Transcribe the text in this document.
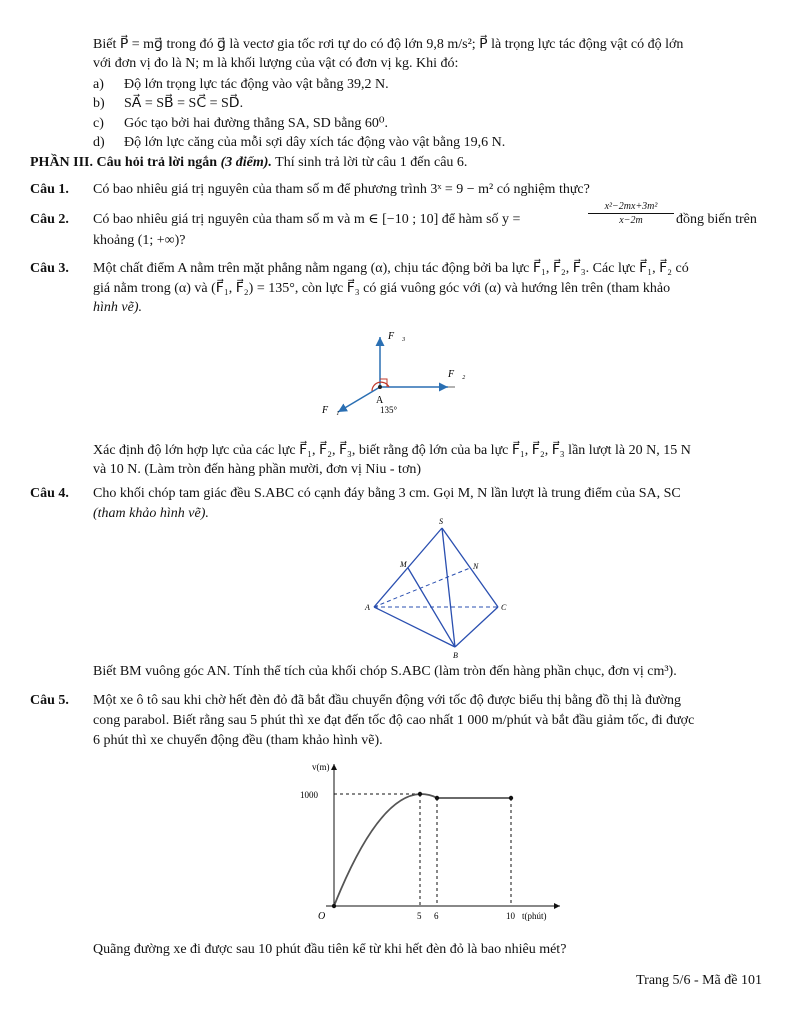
Biết P⃗ = mg⃗ trong đó g⃗ là vectơ gia tốc rơi tự do có độ lớn 9,8 m/s²; P⃗ là trọng lực tác động vật có độ lớn
với đơn vị đo là N; m là khối lượng của vật có đơn vị kg. Khi đó:
a) Độ lớn trọng lực tác động vào vật bằng 39,2 N.
b) SA⃗ = SB⃗ = SC⃗ = SD⃗.
c) Góc tạo bởi hai đường thẳng SA, SD bằng 60⁰.
d) Độ lớn lực căng của mỗi sợi dây xích tác động vào vật bằng 19,6 N.
PHẦN III. Câu hỏi trả lời ngắn (3 điểm). Thí sinh trả lời từ câu 1 đến câu 6.
Câu 1. Có bao nhiêu giá trị nguyên của tham số m để phương trình 3ˣ = 9 − m² có nghiệm thực?
Câu 2. Có bao nhiêu giá trị nguyên của tham số m và m ∈ [−10 ; 10] để hàm số y =	$\frac{\text{x²−2mx+3m²}}{x-2m}$ đồng biến trên
khoảng (1; +∞)?
Câu 3. Một chất điểm A nằm trên mặt phẳng nằm ngang (α), chịu tác động bởi ba lực F⃗₁, F⃗₂, F⃗₃. Các lực F⃗₁, F⃗₂ có
giá nằm trong (α) và (F⃗₁, F⃗₂) = 135°, còn lực F⃗₃ có giá vuông góc với (α) và hướng lên trên (tham khảo
hình vẽ).
F⃗₃
F⃗₂
F⃗₁
A
135°
Xác định độ lớn hợp lực của các lực F⃗₁, F⃗₂, F⃗₃, biết rằng độ lớn của ba lực F⃗₁, F⃗₂, F⃗₃ lần lượt là 20 N, 15 N
và 10 N. (Làm tròn đến hàng phần mười, đơn vị Niu - tơn)
Câu 4. Cho khối chóp tam giác đều S.ABC có cạnh đáy bằng 3 cm. Gọi M, N lần lượt là trung điểm của SA, SC
(tham khảo hình vẽ).
S
M	N
A	C
B
Biết BM vuông góc AN. Tính thể tích của khối chóp S.ABC (làm tròn đến hàng phần chục, đơn vị cm³).
Câu 5. Một xe ô tô sau khi chờ hết đèn đỏ đã bắt đầu chuyển động với tốc độ được biểu thị bằng đồ thị là đường
cong parabol. Biết rằng sau 5 phút thì xe đạt đến tốc độ cao nhất 1 000 m/phút và bắt đầu giảm tốc, đi được
6 phút thì xe chuyển động đều (tham khảo hình vẽ).
v(m)
1000
O	5 6	10 t(phút)
Quãng đường xe đi được sau 10 phút đầu tiên kể từ khi hết đèn đỏ là bao nhiêu mét?
Trang 5/6 - Mã đề 101
